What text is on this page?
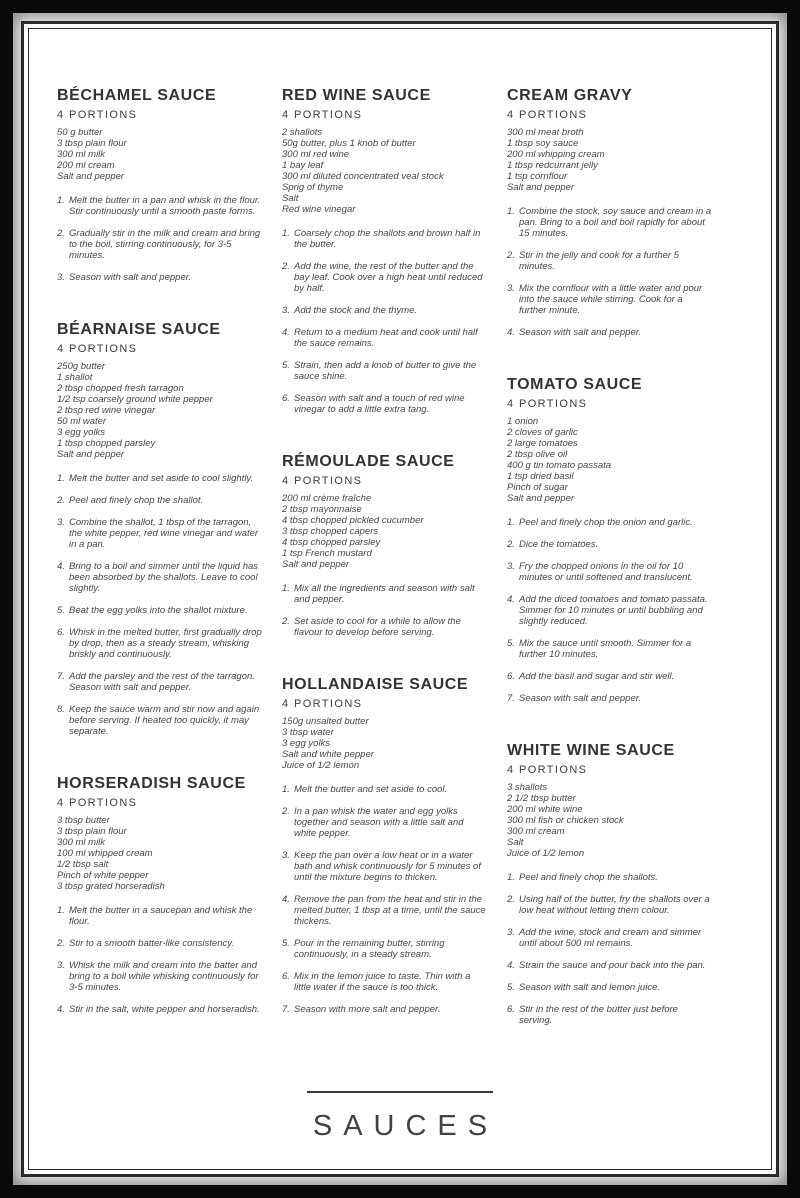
BÉCHAMEL SAUCE
4 PORTIONS
50 g butter
3 tbsp plain flour
300 ml milk
200 ml cream
Salt and pepper
1. Melt the butter in a pan and whisk in the flour. Stir continuously until a smooth paste forms.
2. Gradually stir in the milk and cream and bring to the boil, stirring continuously, for 3-5 minutes.
3. Season with salt and pepper.
BÉARNAISE SAUCE
4 PORTIONS
250g butter
1 shallot
2 tbsp chopped fresh tarragon
1/2 tsp coarsely ground white pepper
2 tbsp red wine vinegar
50 ml water
3 egg yolks
1 tbsp chopped parsley
Salt and pepper
1. Melt the butter and set aside to cool slightly.
2. Peel and finely chop the shallot.
3. Combine the shallot, 1 tbsp of the tarragon, the white pepper, red wine vinegar and water in a pan.
4. Bring to a boil and simmer until the liquid has been absorbed by the shallots. Leave to cool slightly.
5. Beat the egg yolks into the shallot mixture.
6. Whisk in the melted butter, first gradually drop by drop, then as a steady stream, whisking briskly and continuously.
7. Add the parsley and the rest of the tarragon. Season with salt and pepper.
8. Keep the sauce warm and stir now and again before serving. If heated too quickly, it may separate.
HORSERADISH SAUCE
4 PORTIONS
3 tbsp butter
3 tbsp plain flour
300 ml milk
100 ml whipped cream
1/2 tbsp salt
Pinch of white pepper
3 tbsp grated horseradish
1. Melt the butter in a saucepan and whisk the flour.
2. Stir to a smooth batter-like consistency.
3. Whisk the milk and cream into the batter and bring to a boil while whisking continuously for 3-5 minutes.
4. Stir in the salt, white pepper and horseradish.
RED WINE SAUCE
4 PORTIONS
2 shallots
50g butter, plus 1 knob of butter
300 ml red wine
1 bay leaf
300 ml diluted concentrated veal stock
Sprig of thyme
Salt
Red wine vinegar
1. Coarsely chop the shallots and brown half in the butter.
2. Add the wine, the rest of the butter and the bay leaf. Cook over a high heat until reduced by half.
3. Add the stock and the thyme.
4. Return to a medium heat and cook until half the sauce remains.
5. Strain, then add a knob of butter to give the sauce shine.
6. Season with salt and a touch of red wine vinegar to add a little extra tang.
RÉMOULADE SAUCE
4 PORTIONS
200 ml crème fraîche
2 tbsp mayonnaise
4 tbsp chopped pickled cucumber
3 tbsp chopped capers
4 tbsp chopped parsley
1 tsp French mustard
Salt and pepper
1. Mix all the ingredients and season with salt and pepper.
2. Set aside to cool for a while to allow the flavour to develop before serving.
HOLLANDAISE SAUCE
4 PORTIONS
150g unsalted butter
3 tbsp water
3 egg yolks
Salt and white pepper
Juice of 1/2 lemon
1. Melt the butter and set aside to cool.
2. In a pan whisk the water and egg yolks together and season with a little salt and white pepper.
3. Keep the pan over a low heat or in a water bath and whisk continuously for 5 minutes of until the mixture begins to thicken.
4. Remove the pan from the heat and stir in the melted butter, 1 tbsp at a time, until the sauce thickens.
5. Pour in the remaining butter, stirring continuously, in a steady stream.
6. Mix in the lemon juice to taste. Thin with a little water if the sauce is too thick.
7. Season with more salt and pepper.
CREAM GRAVY
4 PORTIONS
300 ml meat broth
1 tbsp soy sauce
200 ml whipping cream
1 tbsp redcurrant jelly
1 tsp cornflour
Salt and pepper
1. Combine the stock, soy sauce and cream in a pan. Bring to a boil and boil rapidly for about 15 minutes.
2. Stir in the jelly and cook for a further 5 minutes.
3. Mix the cornflour with a little water and pour into the sauce while stirring. Cook for a further minute.
4. Season with salt and pepper.
TOMATO SAUCE
4 PORTIONS
1 onion
2 cloves of garlic
2 large tomatoes
2 tbsp olive oil
400 g tin tomato passata
1 tsp dried basil
Pinch of sugar
Salt and pepper
1. Peel and finely chop the onion and garlic.
2. Dice the tomatoes.
3. Fry the chopped onions in the oil for 10 minutes or until softened and translucent.
4. Add the diced tomatoes and tomato passata. Simmer for 10 minutes or until bubbling and slightly reduced.
5. Mix the sauce until smooth. Simmer for a further 10 minutes.
6. Add the basil and sugar and stir well.
7. Season with salt and pepper.
WHITE WINE SAUCE
4 PORTIONS
3 shallots
2 1/2 tbsp butter
200 ml white wine
300 ml fish or chicken stock
300 ml cream
Salt
Juice of 1/2 lemon
1. Peel and finely chop the shallots.
2. Using half of the butter, fry the shallots over a low heat without letting them colour.
3. Add the wine, stock and cream and simmer until about 500 ml remains.
4. Strain the sauce and pour back into the pan.
5. Season with salt and lemon juice.
6. Stir in the rest of the butter just before serving.
SAUCES
